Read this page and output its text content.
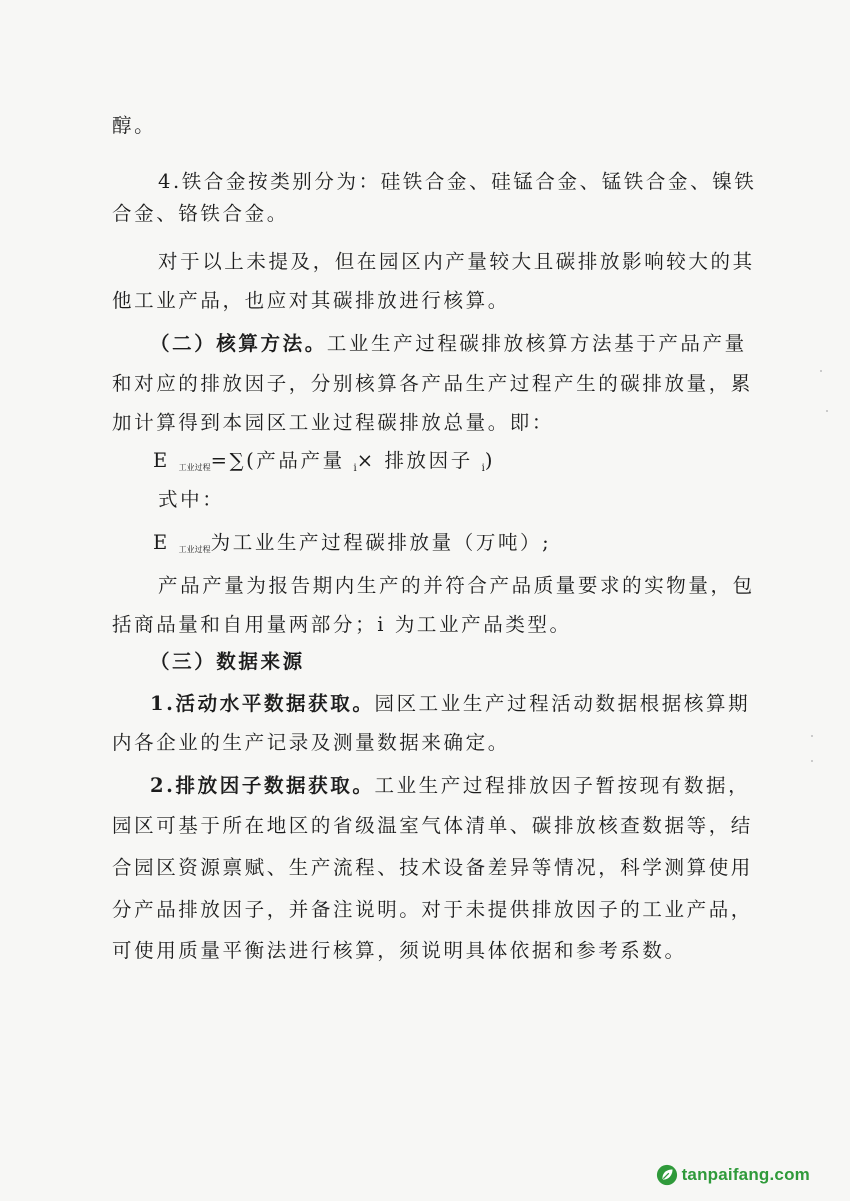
醇。
4.铁合金按类别分为：硅铁合金、硅锰合金、锰铁合金、镍铁
合金、铬铁合金。
对于以上未提及，但在园区内产量较大且碳排放影响较大的其
他工业产品，也应对其碳排放进行核算。
（二）核算方法。工业生产过程碳排放核算方法基于产品产量
和对应的排放因子，分别核算各产品生产过程产生的碳排放量，累
加计算得到本园区工业过程碳排放总量。即：
E $_{工业过程}$=∑(产品产量 $_i$× 排放因子 $_i$)
式中：
E $_{工业过程}$为工业生产过程碳排放量（万吨）;
产品产量为报告期内生产的并符合产品质量要求的实物量，包
括商品量和自用量两部分；i 为工业产品类型。
（三）数据来源
1.活动水平数据获取。园区工业生产过程活动数据根据核算期
内各企业的生产记录及测量数据来确定。
2.排放因子数据获取。工业生产过程排放因子暂按现有数据，
园区可基于所在地区的省级温室气体清单、碳排放核查数据等，结
合园区资源禀赋、生产流程、技术设备差异等情况，科学测算使用
分产品排放因子，并备注说明。对于未提供排放因子的工业产品，
可使用质量平衡法进行核算，须说明具体依据和参考系数。
tanpaifang.com
